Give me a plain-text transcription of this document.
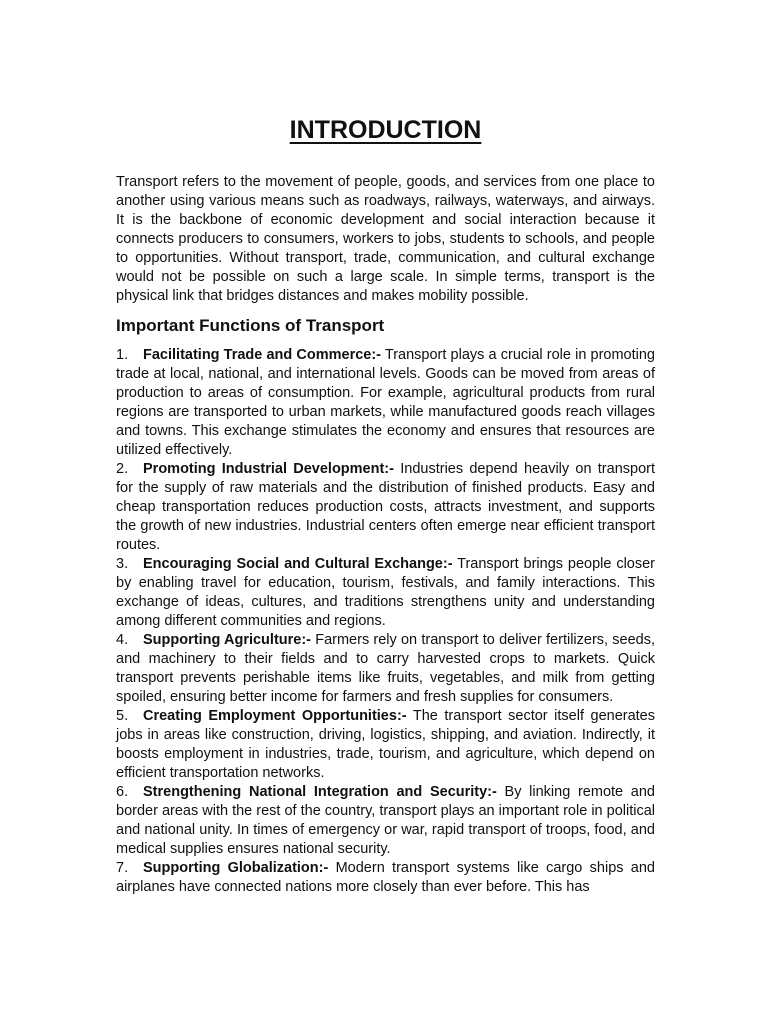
INTRODUCTION

Transport refers to the movement of people, goods, and services from one place to another using various means such as roadways, railways, waterways, and airways. It is the backbone of economic development and social interaction because it connects producers to consumers, workers to jobs, students to schools, and people to opportunities. Without transport, trade, communication, and cultural exchange would not be possible on such a large scale. In simple terms, transport is the physical link that bridges distances and makes mobility possible.

Important Functions of Transport
1. Facilitating Trade and Commerce:- Transport plays a crucial role in promoting trade at local, national, and international levels. Goods can be moved from areas of production to areas of consumption. For example, agricultural products from rural regions are transported to urban markets, while manufactured goods reach villages and towns. This exchange stimulates the economy and ensures that resources are utilized effectively.
2. Promoting Industrial Development:- Industries depend heavily on transport for the supply of raw materials and the distribution of finished products. Easy and cheap transportation reduces production costs, attracts investment, and supports the growth of new industries. Industrial centers often emerge near efficient transport routes.
3. Encouraging Social and Cultural Exchange:- Transport brings people closer by enabling travel for education, tourism, festivals, and family interactions. This exchange of ideas, cultures, and traditions strengthens unity and understanding among different communities and regions.
4. Supporting Agriculture:- Farmers rely on transport to deliver fertilizers, seeds, and machinery to their fields and to carry harvested crops to markets. Quick transport prevents perishable items like fruits, vegetables, and milk from getting spoiled, ensuring better income for farmers and fresh supplies for consumers.
5. Creating Employment Opportunities:- The transport sector itself generates jobs in areas like construction, driving, logistics, shipping, and aviation. Indirectly, it boosts employment in industries, trade, tourism, and agriculture, which depend on efficient transportation networks.
6. Strengthening National Integration and Security:- By linking remote and border areas with the rest of the country, transport plays an important role in political and national unity. In times of emergency or war, rapid transport of troops, food, and medical supplies ensures national security.
7. Supporting Globalization:- Modern transport systems like cargo ships and airplanes have connected nations more closely than ever before. This has
